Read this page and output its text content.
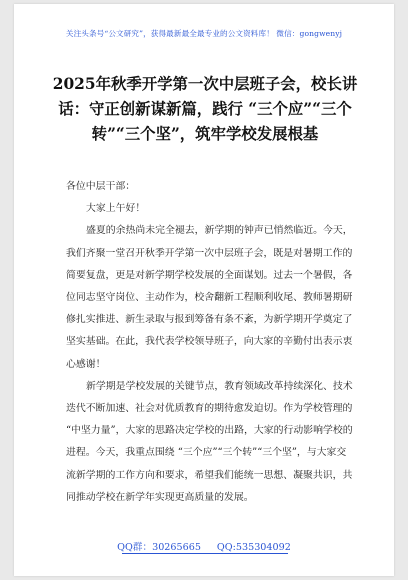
关注头条号“公文研究”，获得最新最全最专业的公文资料库！ 微信：gongwenyj
2025年秋季开学第一次中层班子会，校长讲话：守正创新谋新篇，践行 “三个应”“三个转”“三个坚”，筑牢学校发展根基

各位中层干部：

大家上午好！

盛夏的余热尚未完全褪去，新学期的钟声已悄然临近。今天，我们齐聚一堂召开秋季开学第一次中层班子会，既是对暑期工作的简要复盘，更是对新学期学校发展的全面谋划。过去一个暑假，各位同志坚守岗位、主动作为，校舍翻新工程顺利收尾、教师暑期研修扎实推进、新生录取与报到筹备有条不紊，为新学期开学奠定了坚实基础。在此，我代表学校领导班子，向大家的辛勤付出表示衷心感谢！

新学期是学校发展的关键节点，教育领域改革持续深化、技术迭代不断加速、社会对优质教育的期待愈发迫切。作为学校管理的 “中坚力量”，大家的思路决定学校的出路，大家的行动影响学校的进程。今天，我重点围绕 “三个应”“三个转”“三个坚”，与大家交流新学期的工作方向和要求，希望我们能统一思想、凝聚共识，共同推动学校在新学年实现更高质量的发展。

QQ群：30265665 QQ:535304092
